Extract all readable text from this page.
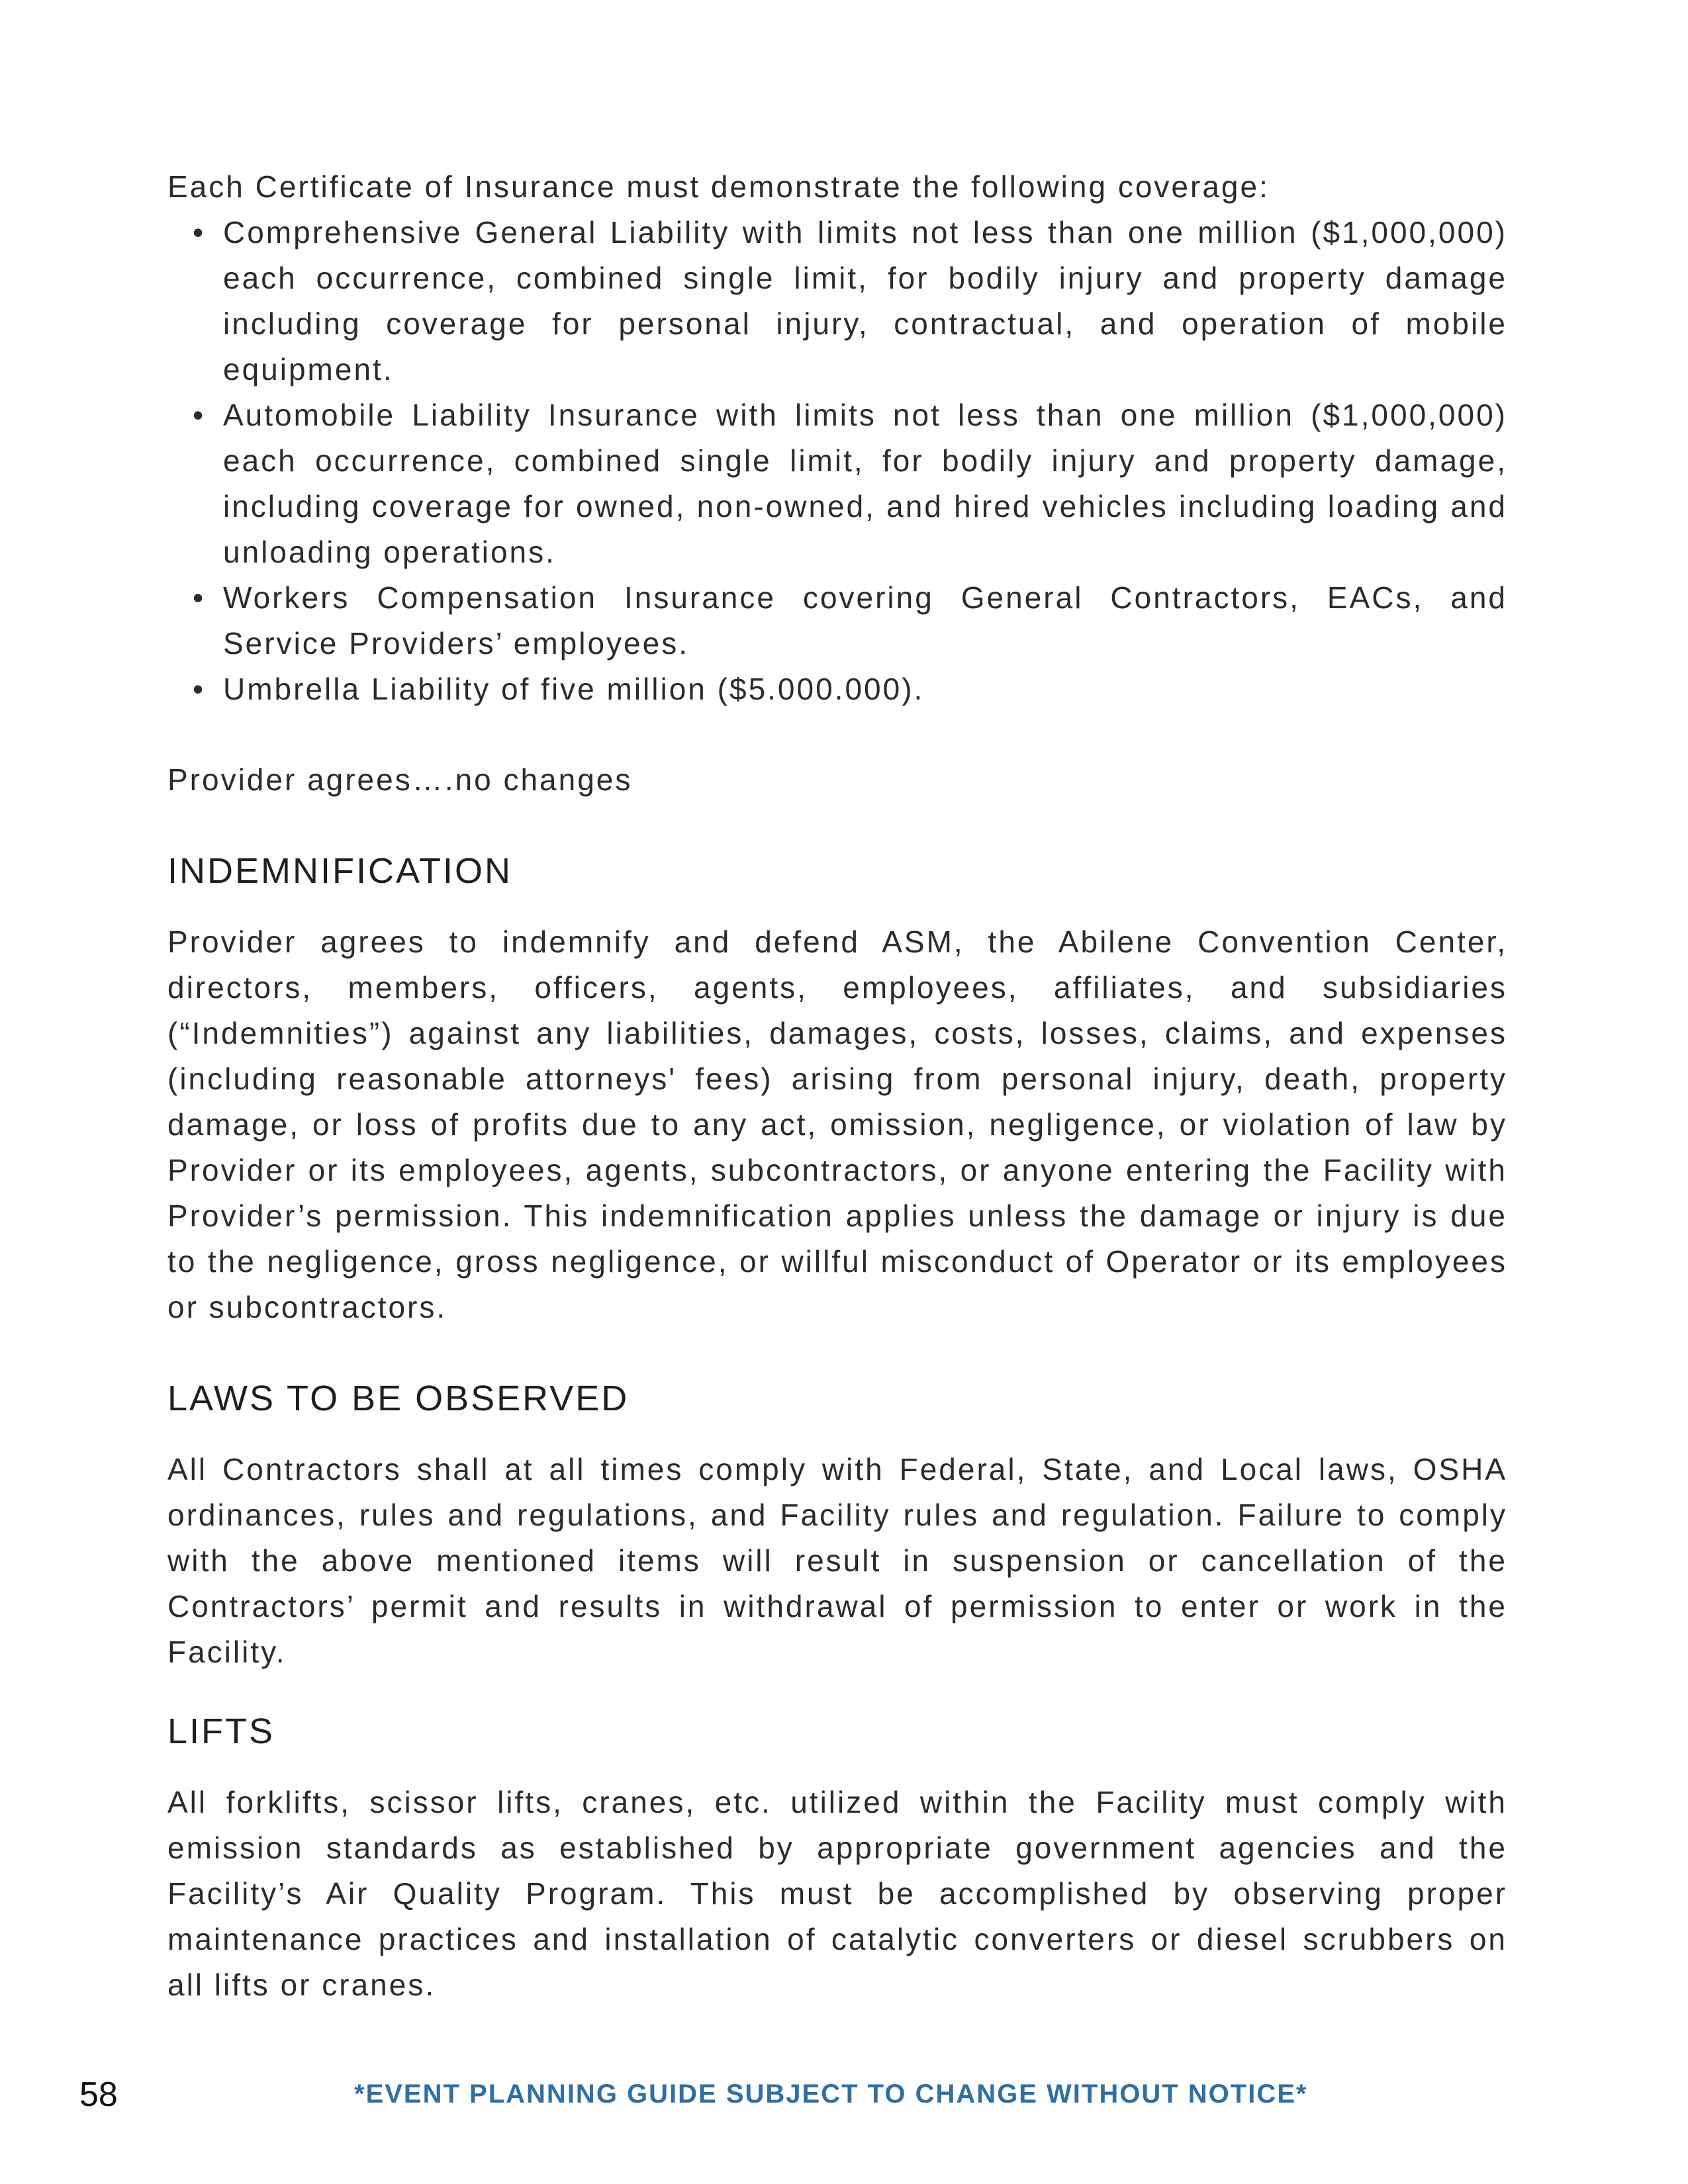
Each Certificate of Insurance must demonstrate the following coverage:

• Comprehensive General Liability with limits not less than one million ($1,000,000) each occurrence, combined single limit, for bodily injury and property damage including coverage for personal injury, contractual, and operation of mobile equipment.
• Automobile Liability Insurance with limits not less than one million ($1,000,000) each occurrence, combined single limit, for bodily injury and property damage, including coverage for owned, non-owned, and hired vehicles including loading and unloading operations.
• Workers Compensation Insurance covering General Contractors, EACs, and Service Providers’ employees.
• Umbrella Liability of five million ($5.000.000).

Provider agrees….no changes

INDEMNIFICATION

Provider agrees to indemnify and defend ASM, the Abilene Convention Center, directors, members, officers, agents, employees, affiliates, and subsidiaries (“Indemnities”) against any liabilities, damages, costs, losses, claims, and expenses (including reasonable attorneys' fees) arising from personal injury, death, property damage, or loss of profits due to any act, omission, negligence, or violation of law by Provider or its employees, agents, subcontractors, or anyone entering the Facility with Provider’s permission. This indemnification applies unless the damage or injury is due to the negligence, gross negligence, or willful misconduct of Operator or its employees or subcontractors.

LAWS TO BE OBSERVED

All Contractors shall at all times comply with Federal, State, and Local laws, OSHA ordinances, rules and regulations, and Facility rules and regulation. Failure to comply with the above mentioned items will result in suspension or cancellation of the Contractors’ permit and results in withdrawal of permission to enter or work in the Facility.

LIFTS

All forklifts, scissor lifts, cranes, etc. utilized within the Facility must comply with emission standards as established by appropriate government agencies and the Facility’s Air Quality Program. This must be accomplished by observing proper maintenance practices and installation of catalytic converters or diesel scrubbers on all lifts or cranes.

58	*EVENT PLANNING GUIDE SUBJECT TO CHANGE WITHOUT NOTICE*
